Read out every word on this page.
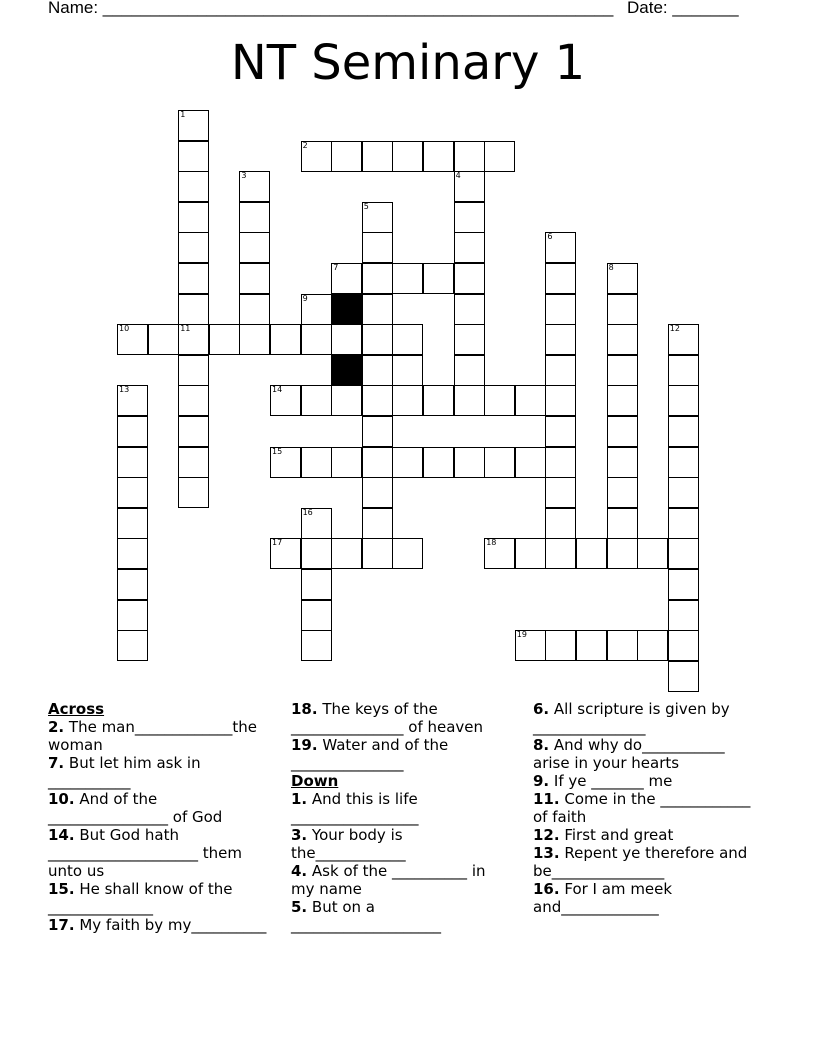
Name: ______________________________________________________ Date: _______
NT Seminary 1
1
2
3	4
5
6
7	8
9
10	11	12
13	14
15
16
17	18
19
Across
2. The man_____________the woman
7. But let him ask in ___________
10. And of the ________________ of God
14. But God hath ____________________ them unto us
15. He shall know of the ______________
17. My faith by my__________
18. The keys of the _______________ of heaven
19. Water and of the _______________
Down
1. And this is life _________________
3. Your body is the____________
4. Ask of the __________ in my name
5. But on a ____________________
6. All scripture is given by _______________
8. And why do___________ arise in your hearts
9. If ye _______ me
11. Come in the ____________ of faith
12. First and great
13. Repent ye therefore and be_______________
16. For I am meek and_____________
